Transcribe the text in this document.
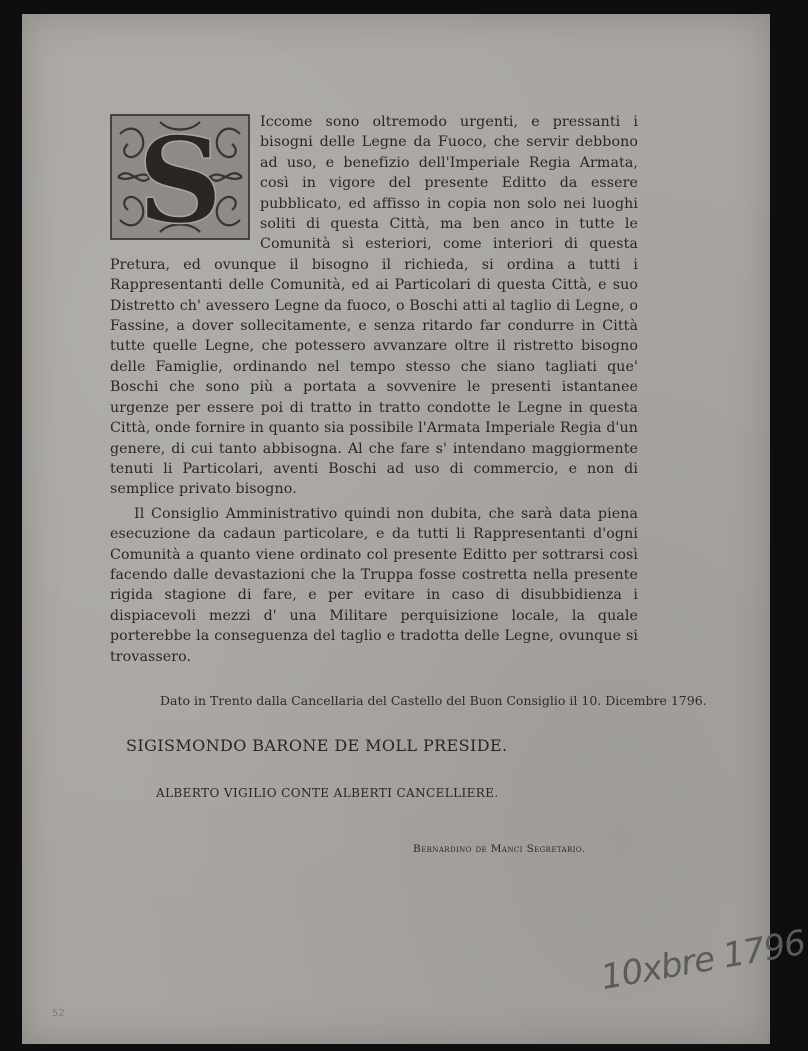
S	Iccome sono oltremodo urgenti, e pressanti i bisogni delle Legne da Fuoco, che servir debbono ad uso, e benefizio dell'Imperiale Regia Armata, così in vigore del presente Editto da essere pubblicato, ed affisso in copia non solo nei luoghi soliti di questa Città, ma ben anco in tutte le Comunità sì esteriori, come interiori di questa Pretura, ed ovunque il bisogno il richieda, si ordina a tutti i Rappresentanti delle Comunità, ed ai Particolari di questa Città, e suo Distretto ch' avessero Legne da fuoco, o Boschi atti al taglio di Legne, o Fassine, a dover sollecitamente, e senza ritardo far condurre in Città tutte quelle Legne, che potessero avvanzare oltre il ristretto bisogno delle Famiglie, ordinando nel tempo stesso che siano tagliati que' Boschi che sono più a portata a sovvenire le presenti istantanee urgenze per essere poi di tratto in tratto condotte le Legne in questa Città, onde fornire in quanto sia possibile l'Armata Imperiale Regia d'un genere, di cui tanto abbisogna. Al che fare s' intendano maggiormente tenuti li Particolari, aventi Boschi ad uso di commercio, e non di semplice privato bisogno.

Il Consiglio Amministrativo quindi non dubita, che sarà data piena esecuzione da cadaun particolare, e da tutti li Rappresentanti d'ogni Comunità a quanto viene ordinato col presente Editto per sottrarsi così facendo dalle devastazioni che la Truppa fosse costretta nella presente rigida stagione di fare, e per evitare in caso di disubbidienza i dispiacevoli mezzi d' una Militare perquisizione locale, la quale porterebbe la conseguenza del taglio e tradotta delle Legne, ovunque si trovassero.

Dato in Trento dalla Cancellaria del Castello del Buon Consiglio il 10. Dicembre 1796.
SIGISMONDO BARONE DE MOLL PRESIDE.
ALBERTO VIGILIO CONTE ALBERTI CANCELLIERE.
Bernardino de Manci Segretario.
10xbre 1796
52
